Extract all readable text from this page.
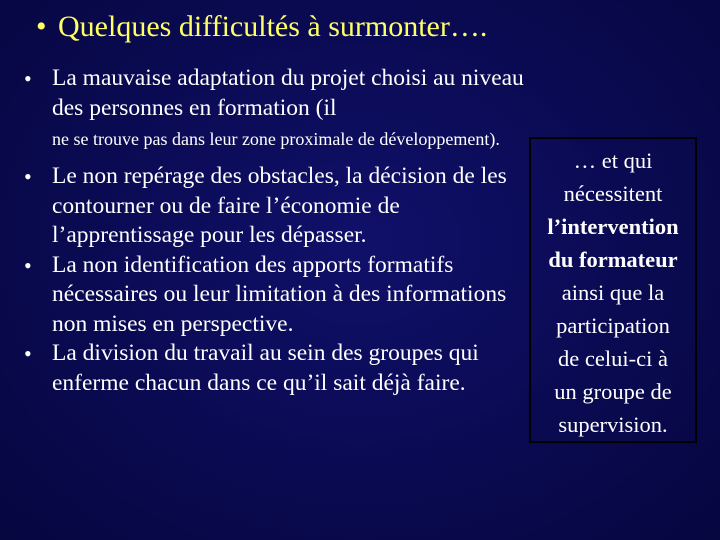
• Quelques difficultés à surmonter….
• La mauvaise adaptation du projet choisi au niveau des personnes en formation (il
ne se trouve pas dans leur zone proximale de développement).
• Le non repérage des obstacles, la décision de les contourner ou de faire l’économie de l’apprentissage pour les dépasser.
• La non identification des apports formatifs nécessaires ou leur limitation à des informations non mises en perspective.
• La division du travail au sein des groupes qui enferme chacun dans ce qu’il sait déjà faire.
… et qui
nécessitent
l’intervention
du formateur
ainsi que la
participation
de celui-ci à
un groupe de
supervision.
